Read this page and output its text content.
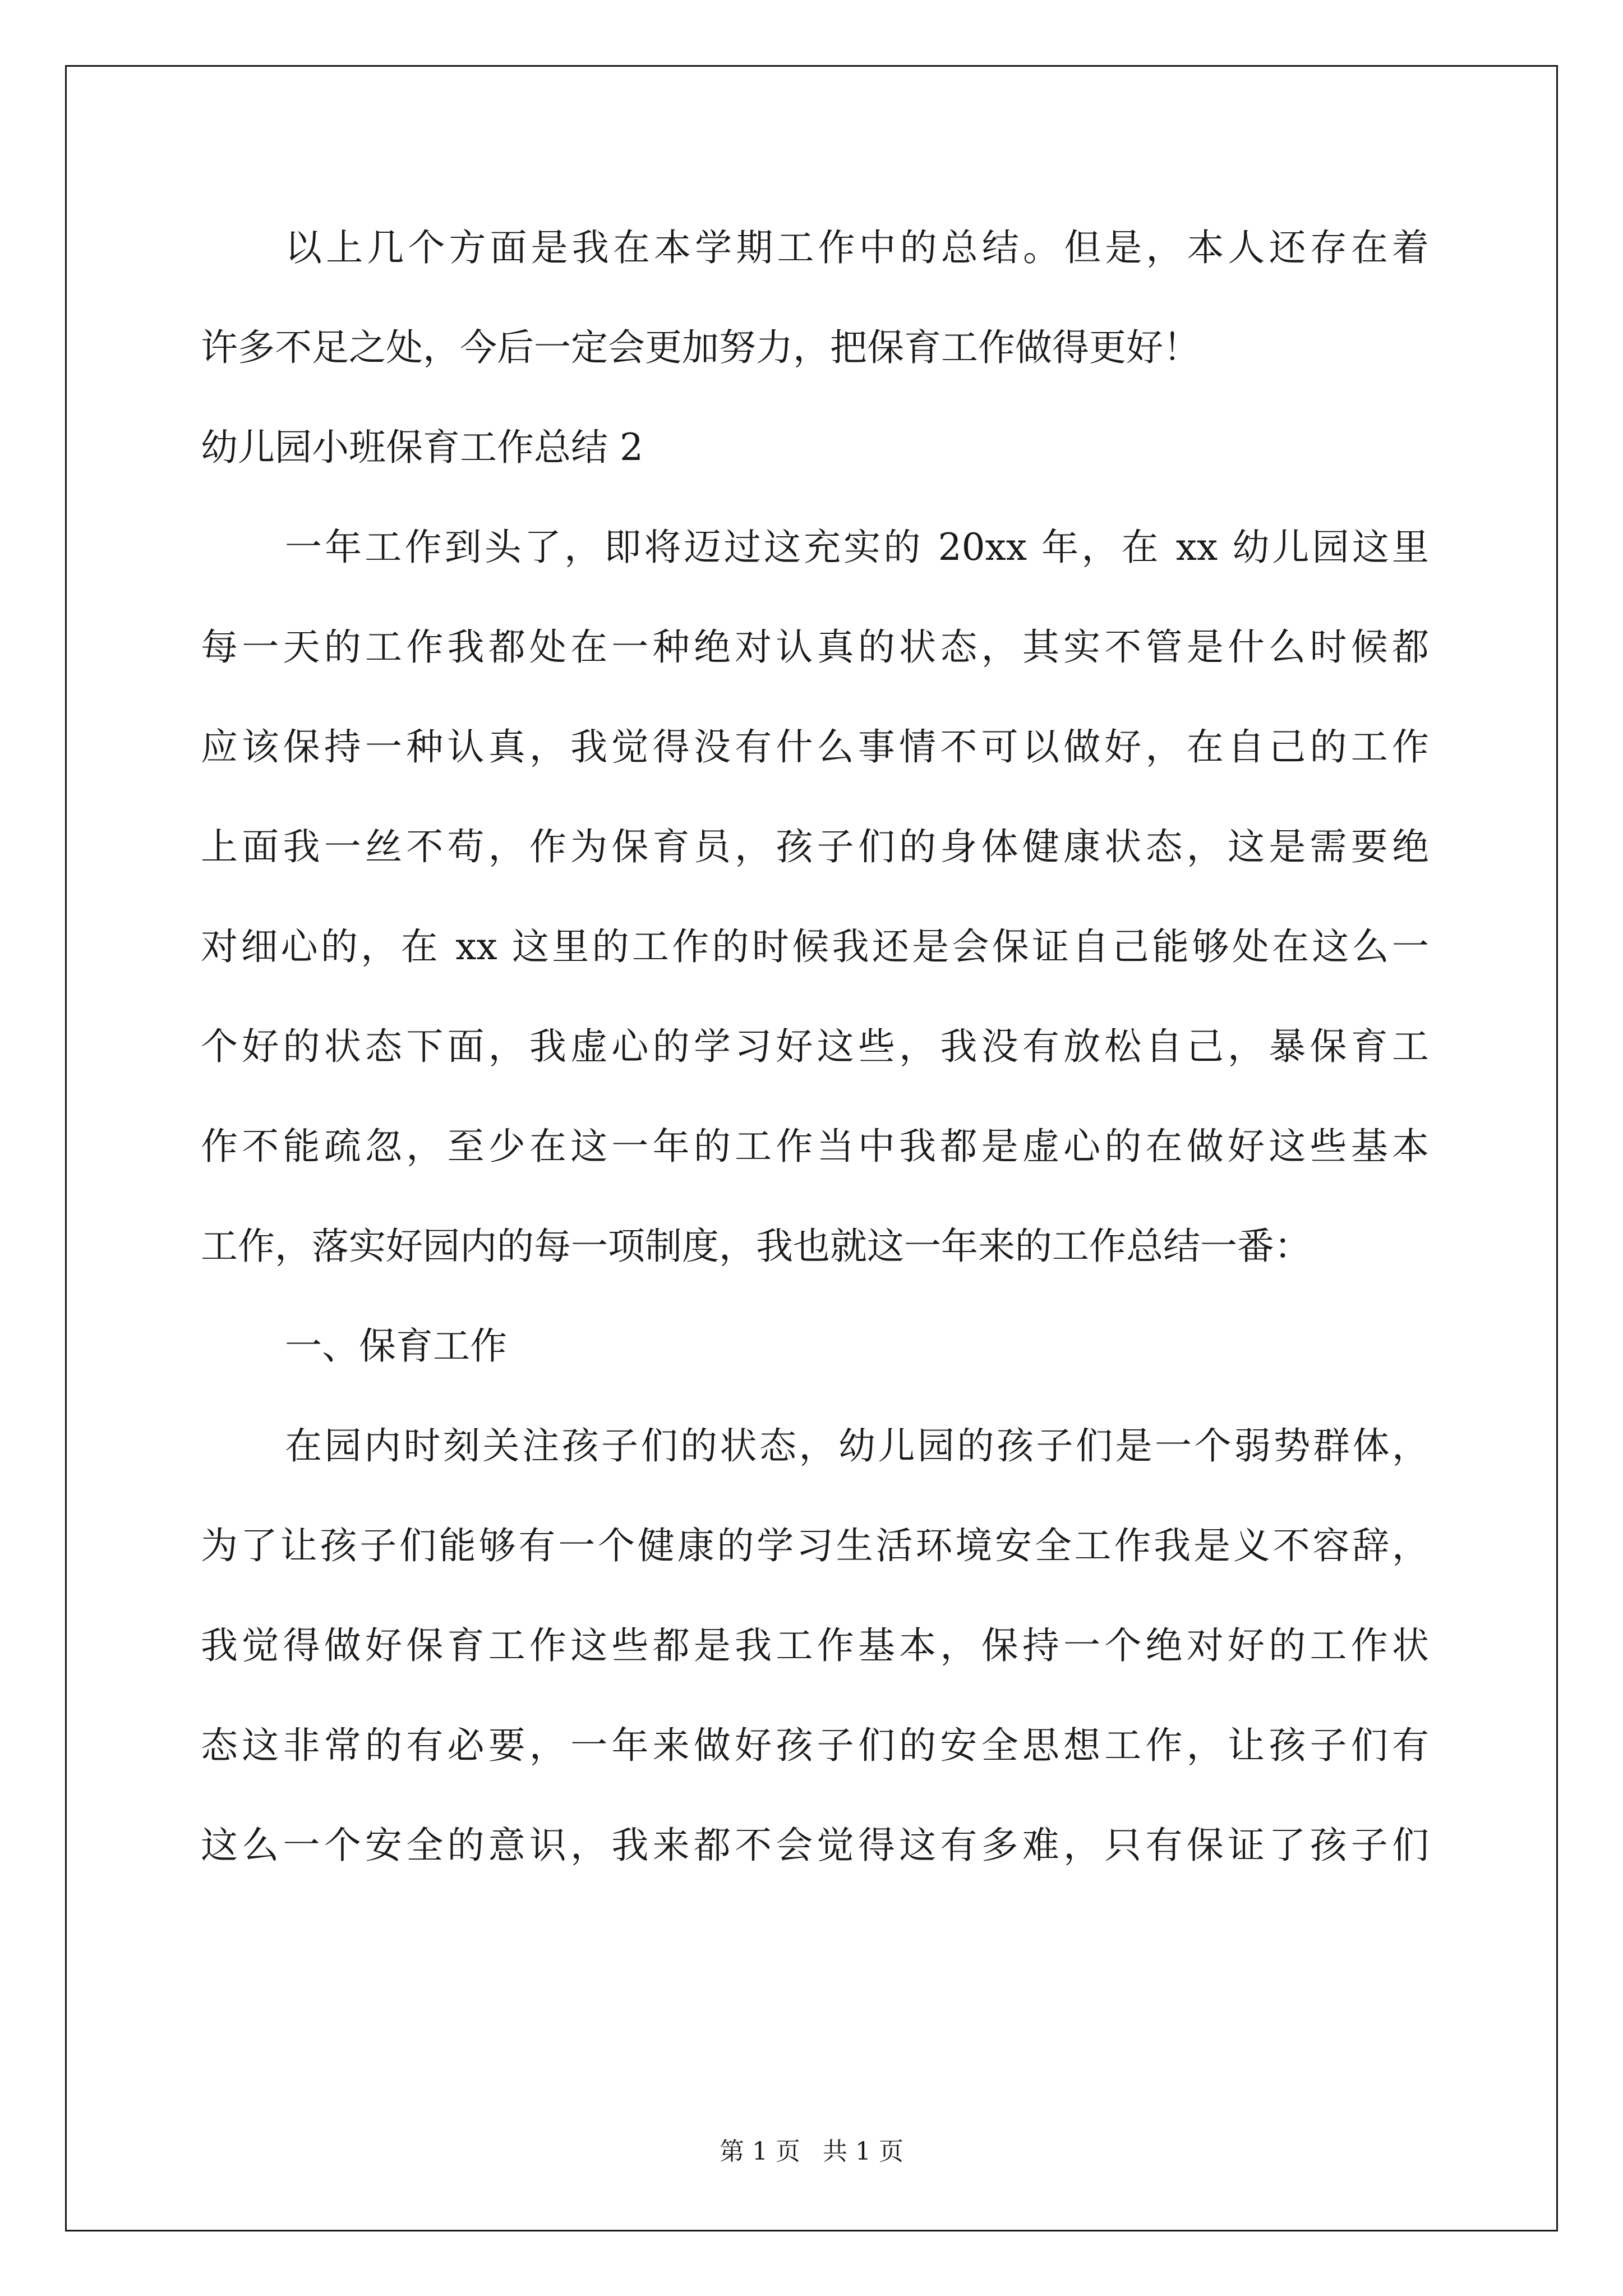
以上几个方面是我在本学期工作中的总结。但是，本人还存在着
许多不足之处，今后一定会更加努力，把保育工作做得更好！
幼儿园小班保育工作总结 2
一年工作到头了，即将迈过这充实的 20xx 年，在 xx 幼儿园这里
每一天的工作我都处在一种绝对认真的状态，其实不管是什么时候都
应该保持一种认真，我觉得没有什么事情不可以做好，在自己的工作
上面我一丝不苟，作为保育员，孩子们的身体健康状态，这是需要绝
对细心的，在 xx 这里的工作的时候我还是会保证自己能够处在这么一
个好的状态下面，我虚心的学习好这些，我没有放松自己，暴保育工
作不能疏忽，至少在这一年的工作当中我都是虚心的在做好这些基本
工作，落实好园内的每一项制度，我也就这一年来的工作总结一番：
一、保育工作
在园内时刻关注孩子们的状态，幼儿园的孩子们是一个弱势群体，
为了让孩子们能够有一个健康的学习生活环境安全工作我是义不容辞，
我觉得做好保育工作这些都是我工作基本，保持一个绝对好的工作状
态这非常的有必要，一年来做好孩子们的安全思想工作，让孩子们有
这么一个安全的意识，我来都不会觉得这有多难，只有保证了孩子们
第 1 页 共 1 页
